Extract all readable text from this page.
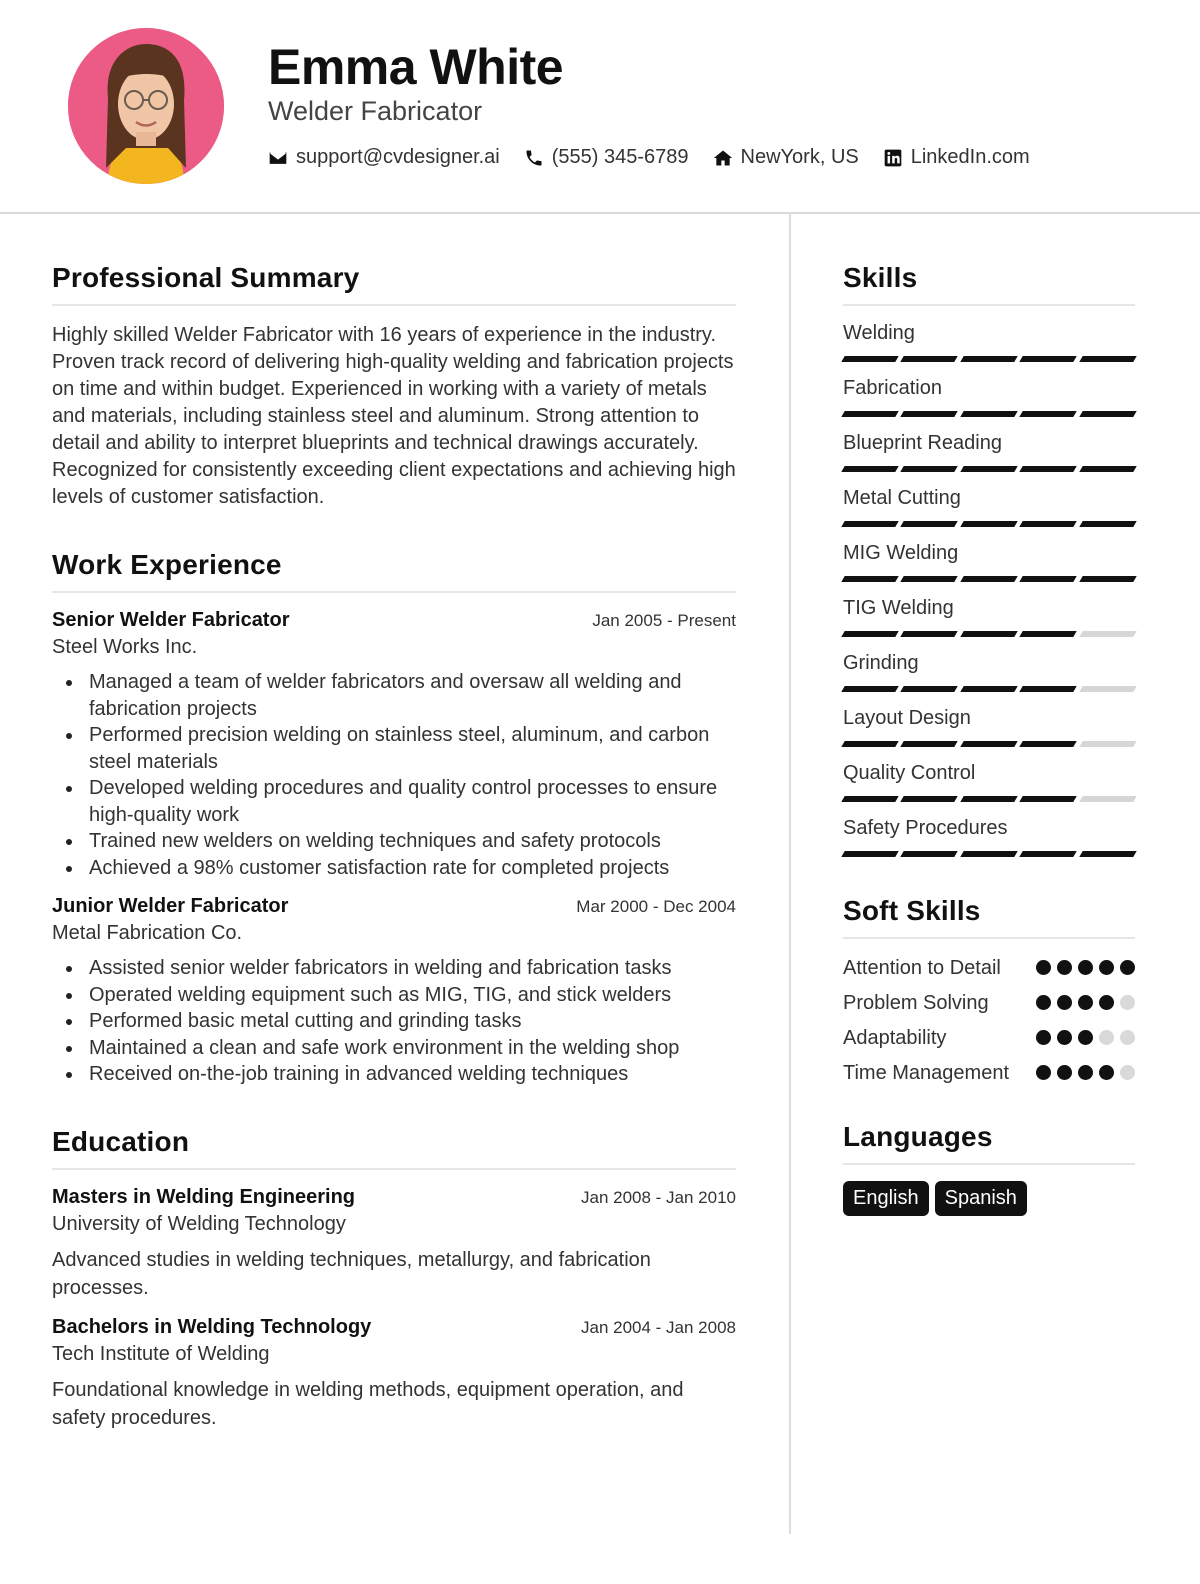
Emma White
Welder Fabricator
support@cvdesigner.ai	(555) 345-6789	NewYork, US	LinkedIn.com
Professional Summary

Highly skilled Welder Fabricator with 16 years of experience in the industry. Proven track record of delivering high-quality welding and fabrication projects on time and within budget. Experienced in working with a variety of metals and materials, including stainless steel and aluminum. Strong attention to detail and ability to interpret blueprints and technical drawings accurately. Recognized for consistently exceeding client expectations and achieving high levels of customer satisfaction.

Work Experience
Senior Welder Fabricator	Jan 2005 - Present
Steel Works Inc.
Managed a team of welder fabricators and oversaw all welding and fabrication projects
Performed precision welding on stainless steel, aluminum, and carbon steel materials
Developed welding procedures and quality control processes to ensure high-quality work
Trained new welders on welding techniques and safety protocols
Achieved a 98% customer satisfaction rate for completed projects
Junior Welder Fabricator	Mar 2000 - Dec 2004
Metal Fabrication Co.
Assisted senior welder fabricators in welding and fabrication tasks
Operated welding equipment such as MIG, TIG, and stick welders
Performed basic metal cutting and grinding tasks
Maintained a clean and safe work environment in the welding shop
Received on-the-job training in advanced welding techniques
Education
Masters in Welding Engineering	Jan 2008 - Jan 2010
University of Welding Technology

Advanced studies in welding techniques, metallurgy, and fabrication processes.

Bachelors in Welding Technology	Jan 2004 - Jan 2008
Tech Institute of Welding

Foundational knowledge in welding methods, equipment operation, and safety procedures.

Skills
Welding
Fabrication
Blueprint Reading
Metal Cutting
MIG Welding
TIG Welding
Grinding
Layout Design
Quality Control
Safety Procedures
Soft Skills
Attention to Detail
Problem Solving
Adaptability
Time Management
Languages
English	Spanish
